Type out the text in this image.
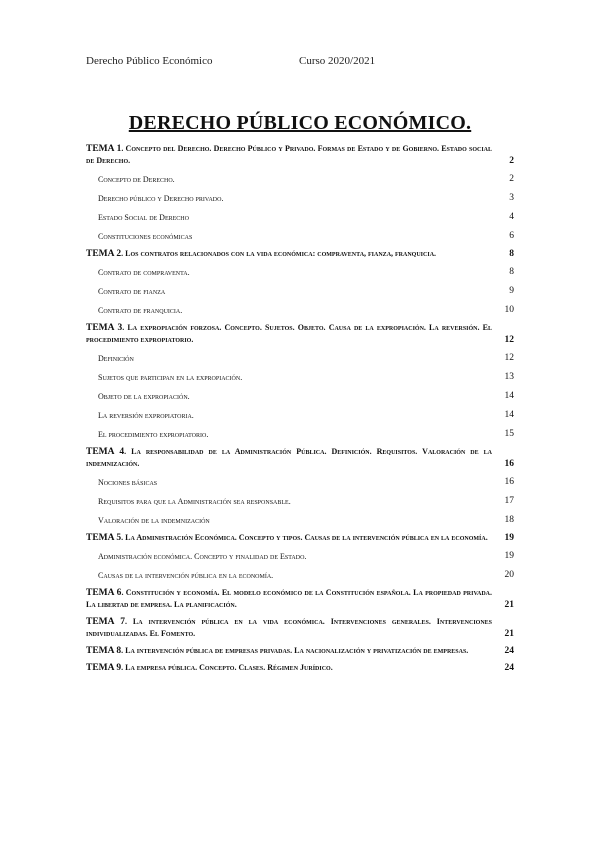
Derecho Público Económico	Curso 2020/2021
DERECHO PÚBLICO ECONÓMICO.
TEMA 1. Concepto del Derecho. Derecho Público y Privado. Formas de Estado y de Gobierno. Estado social de Derecho.	2
Concepto de Derecho.	2
Derecho público y Derecho privado.	3
Estado Social de Derecho	4
Constituciones económicas	6
TEMA 2. Los contratos relacionados con la vida económica: compraventa, fianza, franquicia.	8
Contrato de compraventa.	8
Contrato de fianza	9
Contrato de franquicia.	10
TEMA 3. La expropiación forzosa. Concepto. Sujetos. Objeto. Causa de la expropiación. La reversión. El procedimiento expropiatorio.	12
Definición	12
Sujetos que participan en la expropiación.	13
Objeto de la expropiación.	14
La reversión expropiatoria.	14
El procedimiento expropiatorio.	15
TEMA 4. La responsabilidad de la Administración Pública. Definición. Requisitos. Valoración de la indemnización.	16
Nociones básicas	16
Requisitos para que la Administración sea responsable.	17
Valoración de la indemnización	18
TEMA 5. La Administración Económica. Concepto y tipos. Causas de la intervención pública en la economía. 19
Administración económica. Concepto y finalidad de Estado.	19
Causas de la intervención pública en la economía.	20
TEMA 6. Constitución y economía. El modelo económico de la Constitución española. La propiedad privada. La libertad de empresa. La planificación.	21
TEMA 7. La intervención pública en la vida económica. Intervenciones generales. Intervenciones individualizadas. El Fomento.	21
TEMA 8. La intervención pública de empresas privadas. La nacionalización y privatización de empresas.	24
TEMA 9. La empresa pública. Concepto. Clases. Régimen Jurídico.	24
